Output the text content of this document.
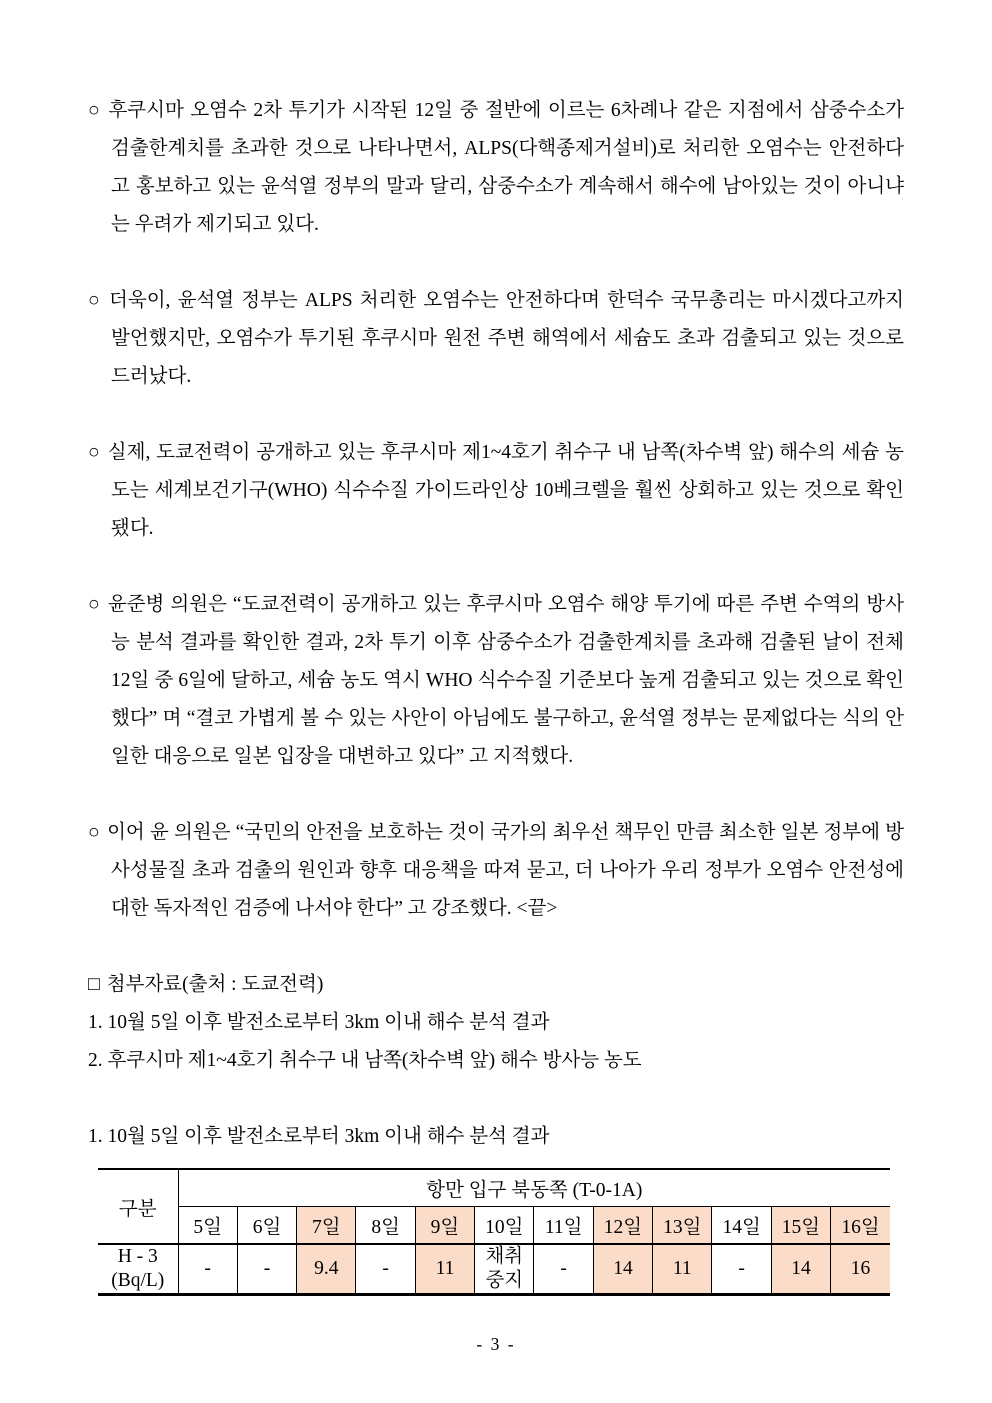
○ 후쿠시마 오염수 2차 투기가 시작된 12일 중 절반에 이르는 6차례나 같은 지점에서 삼중수소가 검출한계치를 초과한 것으로 나타나면서, ALPS(다핵종제거설비)로 처리한 오염수는 안전하다고 홍보하고 있는 윤석열 정부의 말과 달리, 삼중수소가 계속해서 해수에 남아있는 것이 아니냐는 우려가 제기되고 있다.

○ 더욱이, 윤석열 정부는 ALPS 처리한 오염수는 안전하다며 한덕수 국무총리는 마시겠다고까지 발언했지만, 오염수가 투기된 후쿠시마 원전 주변 해역에서 세슘도 초과 검출되고 있는 것으로 드러났다.

○ 실제, 도쿄전력이 공개하고 있는 후쿠시마 제1~4호기 취수구 내 남쪽(차수벽 앞) 해수의 세슘 농도는 세계보건기구(WHO) 식수수질 가이드라인상 10베크렐을 훨씬 상회하고 있는 것으로 확인됐다.

○ 윤준병 의원은 “도쿄전력이 공개하고 있는 후쿠시마 오염수 해양 투기에 따른 주변 수역의 방사능 분석 결과를 확인한 결과, 2차 투기 이후 삼중수소가 검출한계치를 초과해 검출된 날이 전체 12일 중 6일에 달하고, 세슘 농도 역시 WHO 식수수질 기준보다 높게 검출되고 있는 것으로 확인했다” 며 “결코 가볍게 볼 수 있는 사안이 아님에도 불구하고, 윤석열 정부는 문제없다는 식의 안일한 대응으로 일본 입장을 대변하고 있다” 고 지적했다.

○ 이어 윤 의원은 “국민의 안전을 보호하는 것이 국가의 최우선 책무인 만큼 최소한 일본 정부에 방사성물질 초과 검출의 원인과 향후 대응책을 따져 묻고, 더 나아가 우리 정부가 오염수 안전성에 대한 독자적인 검증에 나서야 한다” 고 강조했다. <끝>

□ 첨부자료(출처 : 도쿄전력)

1. 10월 5일 이후 발전소로부터 3km 이내 해수 분석 결과

2. 후쿠시마 제1~4호기 취수구 내 남쪽(차수벽 앞) 해수 방사능 농도

1. 10월 5일 이후 발전소로부터 3km 이내 해수 분석 결과

구분	항만 입구 북동쪽 (T-0-1A)											
	5일	6일	7일	8일	9일	10일	11일	12일	13일	14일	15일	16일

H - 3
(Bq/L)	-	-	9.4	-	11	채취 중지	-	14	11	-	14	16
- 3 -
